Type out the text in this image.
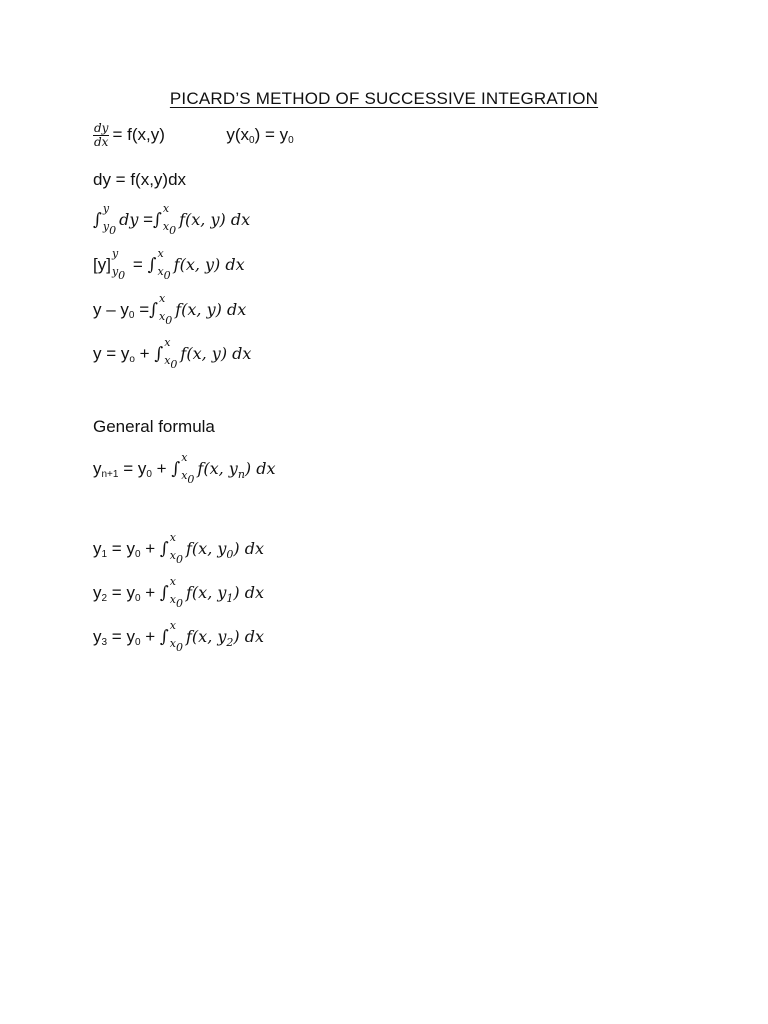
PICARD’S METHOD OF SUCCESSIVE INTEGRATION
$\frac{dy}{dx} = f(x,y)$	$y(x_0) = y_0$
dy = f(x,y)dx
∫
y
y0
dy =∫
x
x0
f(x, y) dx
[y]
y
y0
= ∫
x
x0
f(x, y) dx
y – $y_0$ =∫
x
x0
f(x, y) dx
$y = y_o$ + ∫
x
x0
f(x, y) dx
General formula
$y_{n+1} = y_0$ + ∫
x
x0
f(x, $y_n$) dx
$y_1 = y_0$ + ∫
x
x0
f(x, $y_0$) dx
$y_2 = y_0$ + ∫
x
x0
f(x, $y_1$) dx
$y_3 = y_0$ + ∫
x
x0
f(x, $y_2$) dx
